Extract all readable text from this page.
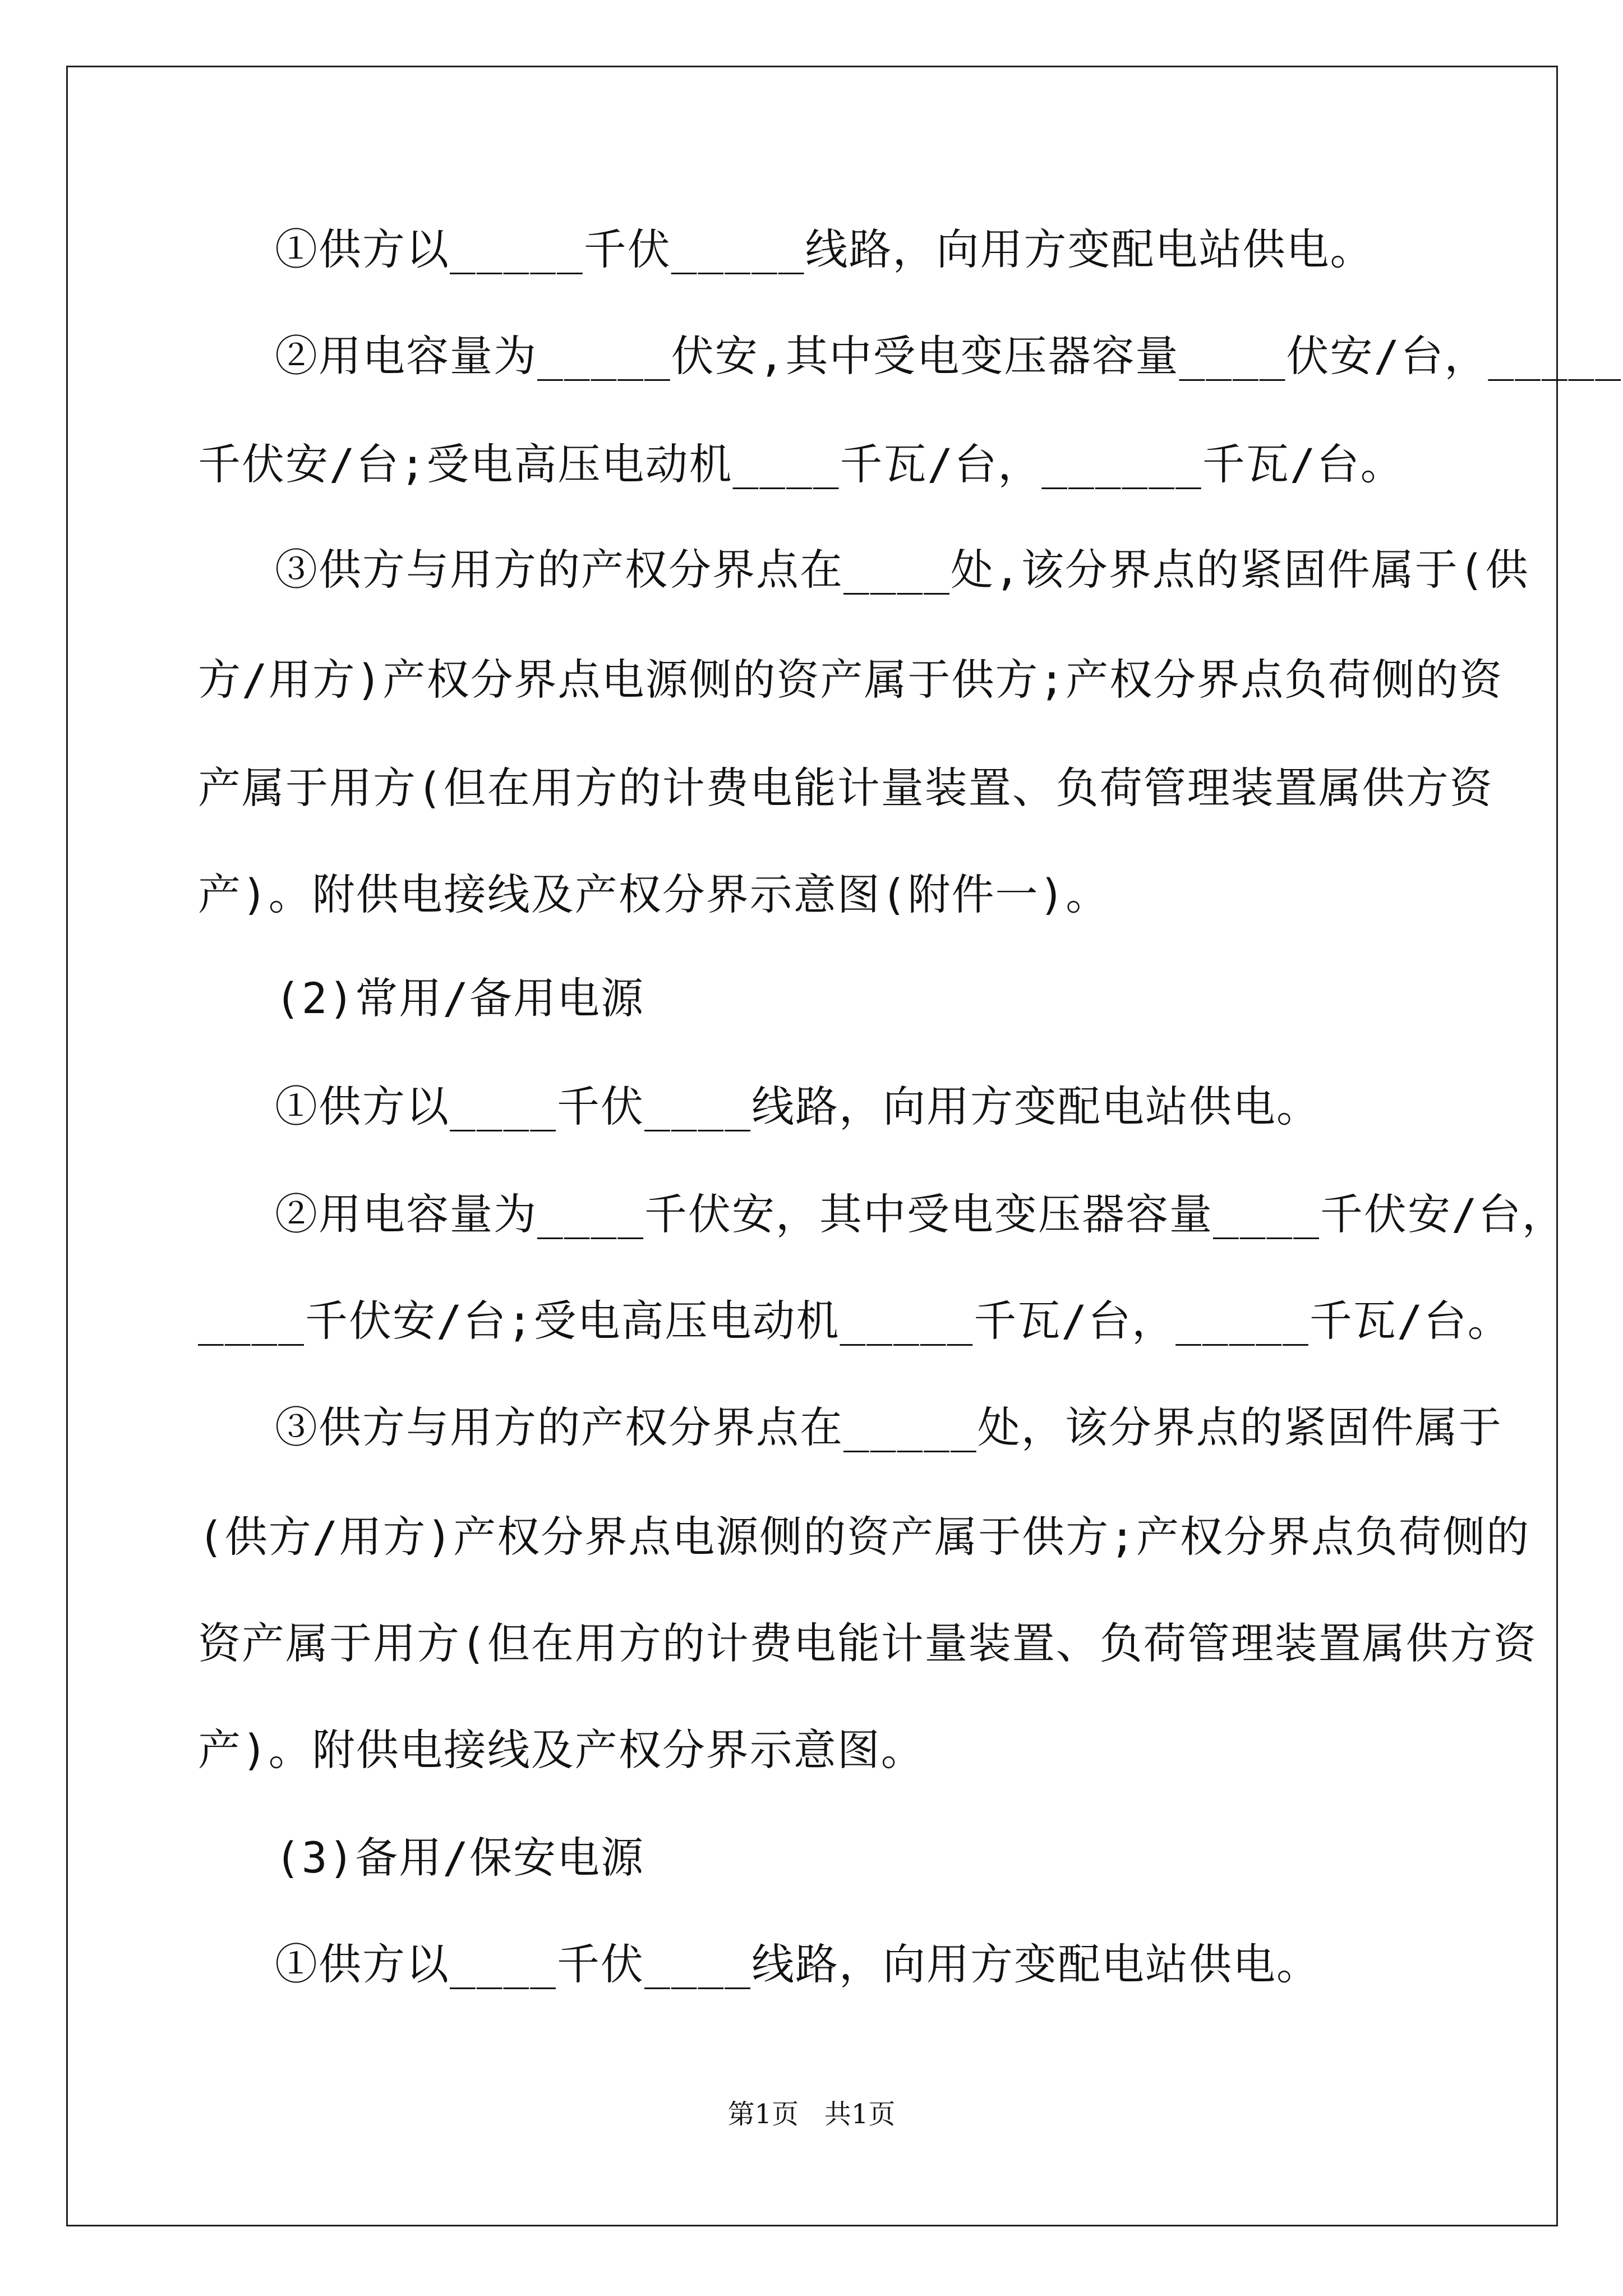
①供方以_____千伏_____线路，向用方变配电站供电。
②用电容量为_____伏安,其中受电变压器容量____伏安/台，_____
千伏安/台;受电高压电动机____千瓦/台，______千瓦/台。
③供方与用方的产权分界点在____处,该分界点的紧固件属于(供
方/用方)产权分界点电源侧的资产属于供方;产权分界点负荷侧的资
产属于用方(但在用方的计费电能计量装置、负荷管理装置属供方资
产)。附供电接线及产权分界示意图(附件一)。
(2)常用/备用电源
①供方以____千伏____线路，向用方变配电站供电。
②用电容量为____千伏安，其中受电变压器容量____千伏安/台，
____千伏安/台;受电高压电动机_____千瓦/台，_____千瓦/台。
③供方与用方的产权分界点在_____处，该分界点的紧固件属于
(供方/用方)产权分界点电源侧的资产属于供方;产权分界点负荷侧的
资产属于用方(但在用方的计费电能计量装置、负荷管理装置属供方资
产)。附供电接线及产权分界示意图。
(3)备用/保安电源
①供方以____千伏____线路，向用方变配电站供电。
第1页   共1页
